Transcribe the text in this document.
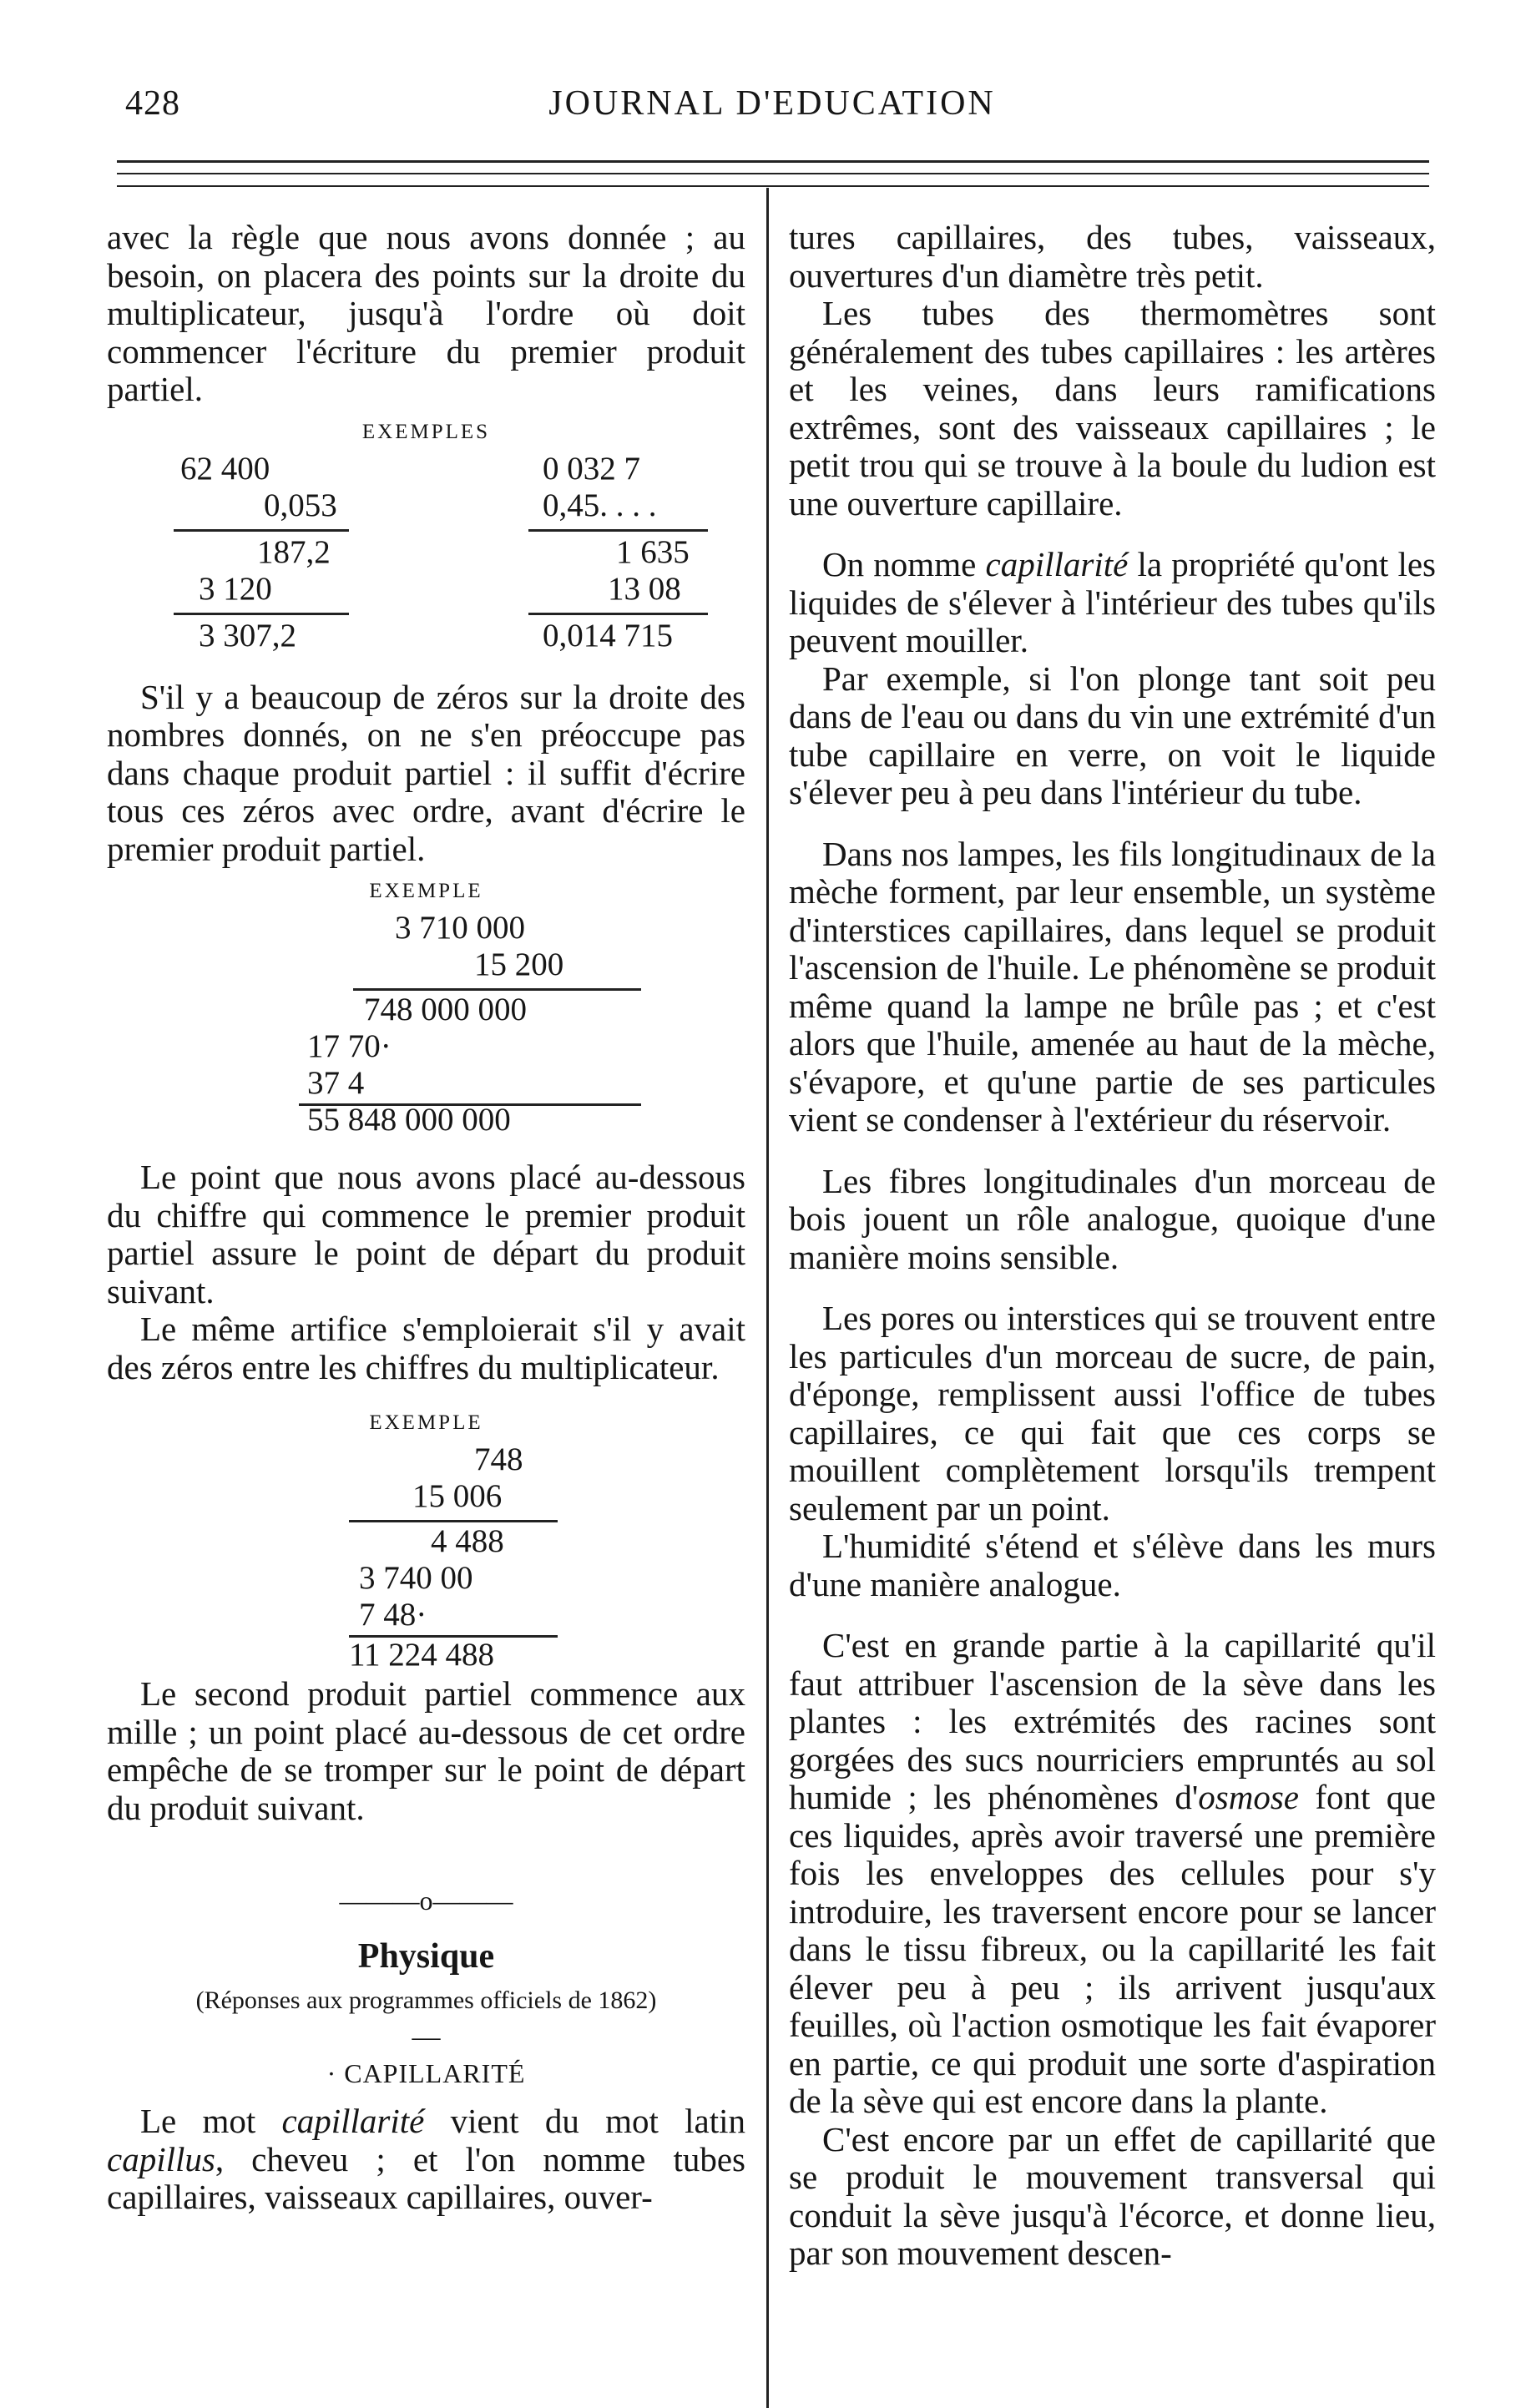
428	JOURNAL D'EDUCATION

avec la règle que nous avons donnée ; au besoin, on placera des points sur la droite du multiplicateur, jusqu'à l'ordre où doit commencer l'écriture du premier produit partiel.

EXEMPLES
62 400
0,053
187,2
3 120
3 307,2
0 032 7
0,45. . . .
1 635
13 08
0,014 715

S'il y a beaucoup de zéros sur la droite des nombres donnés, on ne s'en préoccupe pas dans chaque produit partiel : il suffit d'écrire tous ces zéros avec ordre, avant d'écrire le premier produit partiel.

EXEMPLE
3 710 000
15 200
748 000 000
17 70·
37 4
55 848 000 000

Le point que nous avons placé au-dessous du chiffre qui commence le premier produit partiel assure le point de départ du produit suivant.

Le même artifice s'emploierait s'il y avait des zéros entre les chiffres du multiplicateur.

EXEMPLE
748
15 006
4 488
3 740 00
7 48·
11 224 488

Le second produit partiel commence aux mille ; un point placé au-dessous de cet ordre empêche de se tromper sur le point de départ du produit suivant.

———o———
Physique
(Réponses aux programmes officiels de 1862)
—
· CAPILLARITÉ

Le mot capillarité vient du mot latin capillus, cheveu ; et l'on nomme tubes capillaires, vaisseaux capillaires, ouver-

tures capillaires, des tubes, vaisseaux, ouvertures d'un diamètre très petit.

Les tubes des thermomètres sont généralement des tubes capillaires : les artères et les veines, dans leurs ramifications extrêmes, sont des vaisseaux capillaires ; le petit trou qui se trouve à la boule du ludion est une ouverture capillaire.

On nomme capillarité la propriété qu'ont les liquides de s'élever à l'intérieur des tubes qu'ils peuvent mouiller.

Par exemple, si l'on plonge tant soit peu dans de l'eau ou dans du vin une extrémité d'un tube capillaire en verre, on voit le liquide s'élever peu à peu dans l'intérieur du tube.

Dans nos lampes, les fils longitudinaux de la mèche forment, par leur ensemble, un système d'interstices capillaires, dans lequel se produit l'ascension de l'huile. Le phénomène se produit même quand la lampe ne brûle pas ; et c'est alors que l'huile, amenée au haut de la mèche, s'évapore, et qu'une partie de ses particules vient se condenser à l'extérieur du réservoir.

Les fibres longitudinales d'un morceau de bois jouent un rôle analogue, quoique d'une manière moins sensible.

Les pores ou interstices qui se trouvent entre les particules d'un morceau de sucre, de pain, d'éponge, remplissent aussi l'office de tubes capillaires, ce qui fait que ces corps se mouillent complètement lorsqu'ils trempent seulement par un point.

L'humidité s'étend et s'élève dans les murs d'une manière analogue.

C'est en grande partie à la capillarité qu'il faut attribuer l'ascension de la sève dans les plantes : les extrémités des racines sont gorgées des sucs nourriciers empruntés au sol humide ; les phénomènes d'osmose font que ces liquides, après avoir traversé une première fois les enveloppes des cellules pour s'y introduire, les traversent encore pour se lancer dans le tissu fibreux, ou la capillarité les fait élever peu à peu ; ils arrivent jusqu'aux feuilles, où l'action osmotique les fait évaporer en partie, ce qui produit une sorte d'aspiration de la sève qui est encore dans la plante.

C'est encore par un effet de capillarité que se produit le mouvement transversal qui conduit la sève jusqu'à l'écorce, et donne lieu, par son mouvement descen-
